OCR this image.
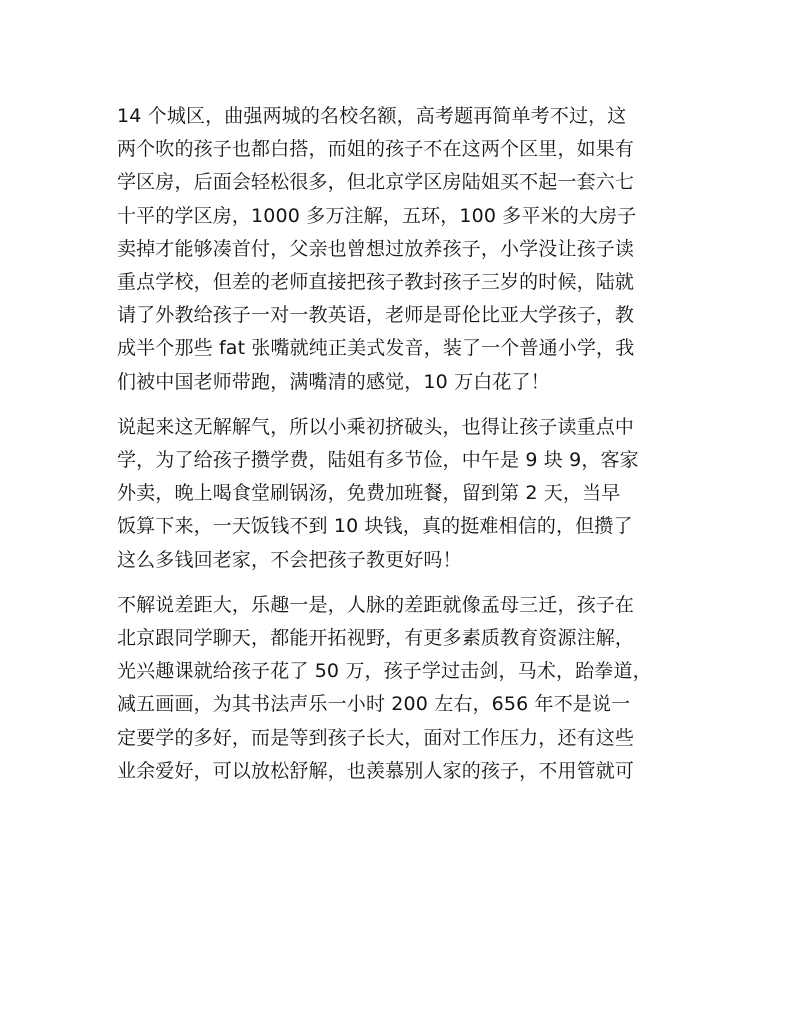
14 个城区，曲强两城的名校名额，高考题再简单考不过，这
两个吹的孩子也都白搭，而姐的孩子不在这两个区里，如果有
学区房，后面会轻松很多，但北京学区房陆姐买不起一套六七
十平的学区房，1000 多万注解，五环，100 多平米的大房子
卖掉才能够凑首付，父亲也曾想过放养孩子，小学没让孩子读
重点学校，但差的老师直接把孩子教封孩子三岁的时候，陆就
请了外教给孩子一对一教英语，老师是哥伦比亚大学孩子，教
成半个那些 fat 张嘴就纯正美式发音，装了一个普通小学，我
们被中国老师带跑，满嘴清的感觉，10 万白花了！
说起来这无解解气，所以小乘初挤破头，也得让孩子读重点中
学，为了给孩子攒学费，陆姐有多节俭，中午是 9 块 9，客家
外卖，晚上喝食堂刷锅汤，免费加班餐，留到第 2 天，当早
饭算下来，一天饭钱不到 10 块钱，真的挺难相信的，但攒了
这么多钱回老家，不会把孩子教更好吗！
不解说差距大，乐趣一是，人脉的差距就像孟母三迁，孩子在
北京跟同学聊天，都能开拓视野，有更多素质教育资源注解，
光兴趣课就给孩子花了 50 万，孩子学过击剑，马术，跆拳道，
减五画画，为其书法声乐一小时 200 左右，656 年不是说一
定要学的多好，而是等到孩子长大，面对工作压力，还有这些
业余爱好，可以放松舒解，也羡慕别人家的孩子，不用管就可
